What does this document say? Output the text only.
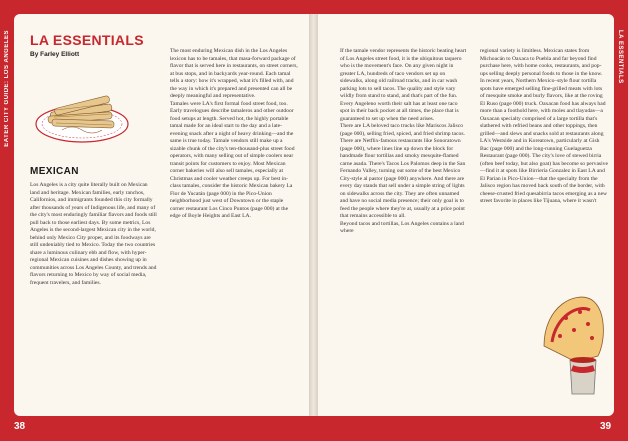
EATER CITY GUIDE: LOS ANGELES	LA ESSENTIALS
LA ESSENTIALS
By Farley Elliott
MEXICAN
Los Angeles is a city quite literally built on Mexican land and heritage. Mexican families, early ranchos, Californios, and immigrants founded this city formally after thousands of years of Indigenous life, and many of the city's most enduringly familiar flavors and foods still pull back to those earliest days. By some metrics, Los Angeles is the second-largest Mexican city in the world, behind only Mexico City proper, and its foodways are still undeniably tied to Mexico. Today the two countries share a luminous culinary ebb and flow, with hyper-regional Mexican cuisines and dishes showing up in communities across Los Angeles County, and trends and flavors returning to Mexico by way of social media, frequent travelers, and families.
The most enduring Mexican dish in the Los Angeles lexicon has to be tamales, that masa-forward package of flavor that is served here in restaurants, on street corners, at bus stops, and in backyards year-round. Each tamal tells a story: how it's wrapped, what it's filled with, and the way in which it's prepared and presented can all be deeply meaningful and representative.
Tamales were LA's first formal food street food, too. Early travelogues describe tamaleros and other outdoor food setups at length. Served hot, the highly portable tamal made for an ideal start to the day and a late-evening snack after a night of heavy drinking—and the same is true today. Tamale vendors still make up a sizable chunk of the city's ten-thousand-plus street food operators, with many selling out of simple coolers near transit points for customers to enjoy. Most Mexican corner bakeries will also sell tamales, especially at Christmas and cooler weather creeps up. For best in-class tamales, consider the historic Mexican bakery La Flor de Yucatán (page 000) in the Pico-Union neighborhood just west of Downtown or the staple corner restaurant Los Cinco Puntos (page 000) at the edge of Boyle Heights and East LA.
If the tamale vendor represents the historic beating heart of Los Angeles street food, it is the ubiquitous taquero who is the movement's face. On any given night in greater LA, hundreds of taco vendors set up on sidewalks, along old railroad tracks, and in car wash parking lots to sell tacos. The quality and style vary wildly from stand to stand, and that's part of the fun. Every Angeleno worth their salt has at least one taco spot in their back pocket at all times, the place that is guaranteed to set up when the need arises.
There are LA beloved taco trucks like Mariscos Jalisco (page 000), selling fried, spiced, and fried shrimp tacos. There are Netflix-famous restaurants like Sonoratown (page 000), where lines line up down the block for handmade flour tortillas and smoky mesquite-flamed carne asada. There's Tacos Los Palomos deep in the San Fernando Valley, turning out some of the best Mexico City-style al pastor (page 000) anywhere. And there are every day stands that sell under a simple string of lights on sidewalks across the city. They are often unnamed and have no social media presence; their only goal is to feed the people where they're at, usually at a price point that remains accessible to all.
Beyond tacos and tortillas, Los Angeles contains a land where
regional variety is limitless. Mexican states from Michoacán to Oaxaca to Puebla and far beyond find purchase here, with home cooks, restaurants, and pop-ups selling deeply personal foods to those in the know. In recent years, Northern Mexico–style flour tortilla spots have emerged selling fine-grilled meats with lots of mesquite smoke and burly flavors, like at the roving El Ruso (page 000) truck. Oaxacan food has always had more than a foothold here, with moles and tlayudas—a Oaxacan specialty comprised of a large tortilla that's slathered with refried beans and other toppings, then grilled—and slews and snacks sold at restaurants along LA's Westside and in Koreatown, particularly at Gish Bac (page 000) and the long-running Guelaguetza Restaurant (page 000). The city's love of stewed birria (often beef today, but also goat) has become so pervasive—find it at spots like Birriería Gonzalez in East LA and El Parian in Pico-Union—that the specialty from the Jalisco region has moved back south of the border, with cheese-crusted fried quesabirria tacos emerging as a new street favorite in places like Tijuana, where it wasn't
38	39
